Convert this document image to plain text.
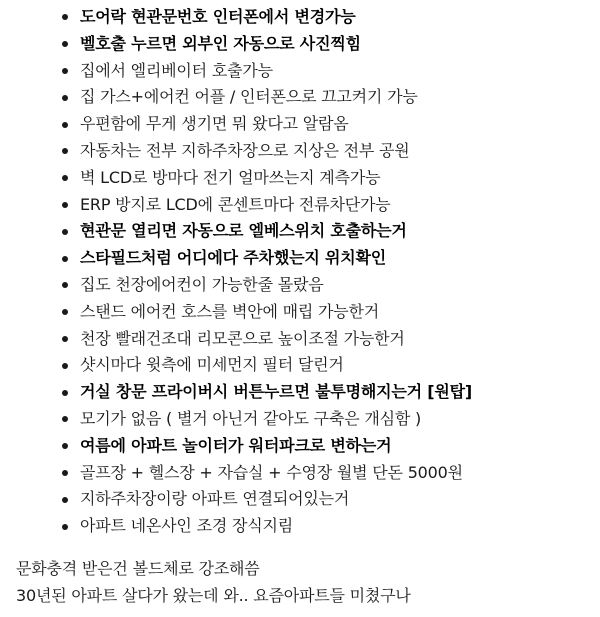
도어락 현관문번호 인터폰에서 변경가능
벨호출 누르면 외부인 자동으로 사진찍힘
집에서 엘리베이터 호출가능
집 가스+에어컨 어플 / 인터폰으로 끄고켜기 가능
우편함에 무게 생기면 뭐 왔다고 알람옴
자동차는 전부 지하주차장으로 지상은 전부 공원
벽 LCD로 방마다 전기 얼마쓰는지 계측가능
ERP 방지로 LCD에 콘센트마다 전류차단가능
현관문 열리면 자동으로 엘베스위치 호출하는거
스타필드처럼 어디에다 주차했는지 위치확인
집도 천장에어컨이 가능한줄 몰랐음
스탠드 에어컨 호스를 벽안에 매립 가능한거
천장 빨래건조대 리모콘으로 높이조절 가능한거
샷시마다 윗측에 미세먼지 필터 달린거
거실 창문 프라이버시 버튼누르면 불투명해지는거 [원탑]
모기가 없음 ( 별거 아닌거 같아도 구축은 개심함 )
여름에 아파트 놀이터가 워터파크로 변하는거
골프장 + 헬스장 + 자습실 + 수영장 월별 단돈 5000원
지하주차장이랑 아파트 연결되어있는거
아파트 네온사인 조경 장식지림

문화충격 받은건 볼드체로 강조해씀

30년된 아파트 살다가 왔는데 와.. 요즘아파트들 미쳤구나
